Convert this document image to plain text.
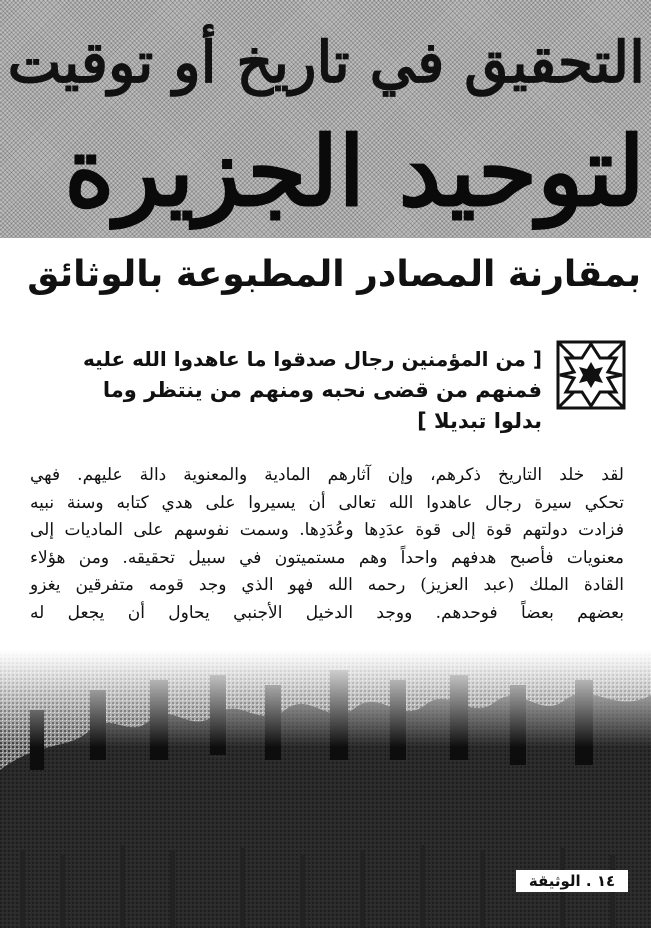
التحقيق في تاريخ أو توقيت
لتوحيد الجزيرة
بمقارنة المصادر المطبوعة بالوثائق
[ من المؤمنين رجال صدقوا ما عاهدوا الله عليه
فمنهم من قضى نحبه ومنهم من ينتظر وما
بدلوا تبديلا ]
لقد خلد التاريخ ذكرهم، وإن آثارهم المادية والمعنوية دالة عليهم. فهي
تحكي سيرة رجال عاهدوا الله تعالى أن يسيروا على هدي كتابه وسنة نبيه
فزادت دولتهم قوة إلى قوة عدَدِها وعُدَدِها. وسمت نفوسهم على الماديات إلى
معنويات فأصبح هدفهم واحداً وهم مستميتون في سبيل تحقيقه. ومن هؤلاء
القادة الملك (عبد العزيز) رحمه الله فهو الذي وجد قومه متفرقين يغزو
بعضهم بعضاً فوحدهم. ووجد الدخيل الأجنبي يحاول أن يجعل له
١٤ . الوثيقة
